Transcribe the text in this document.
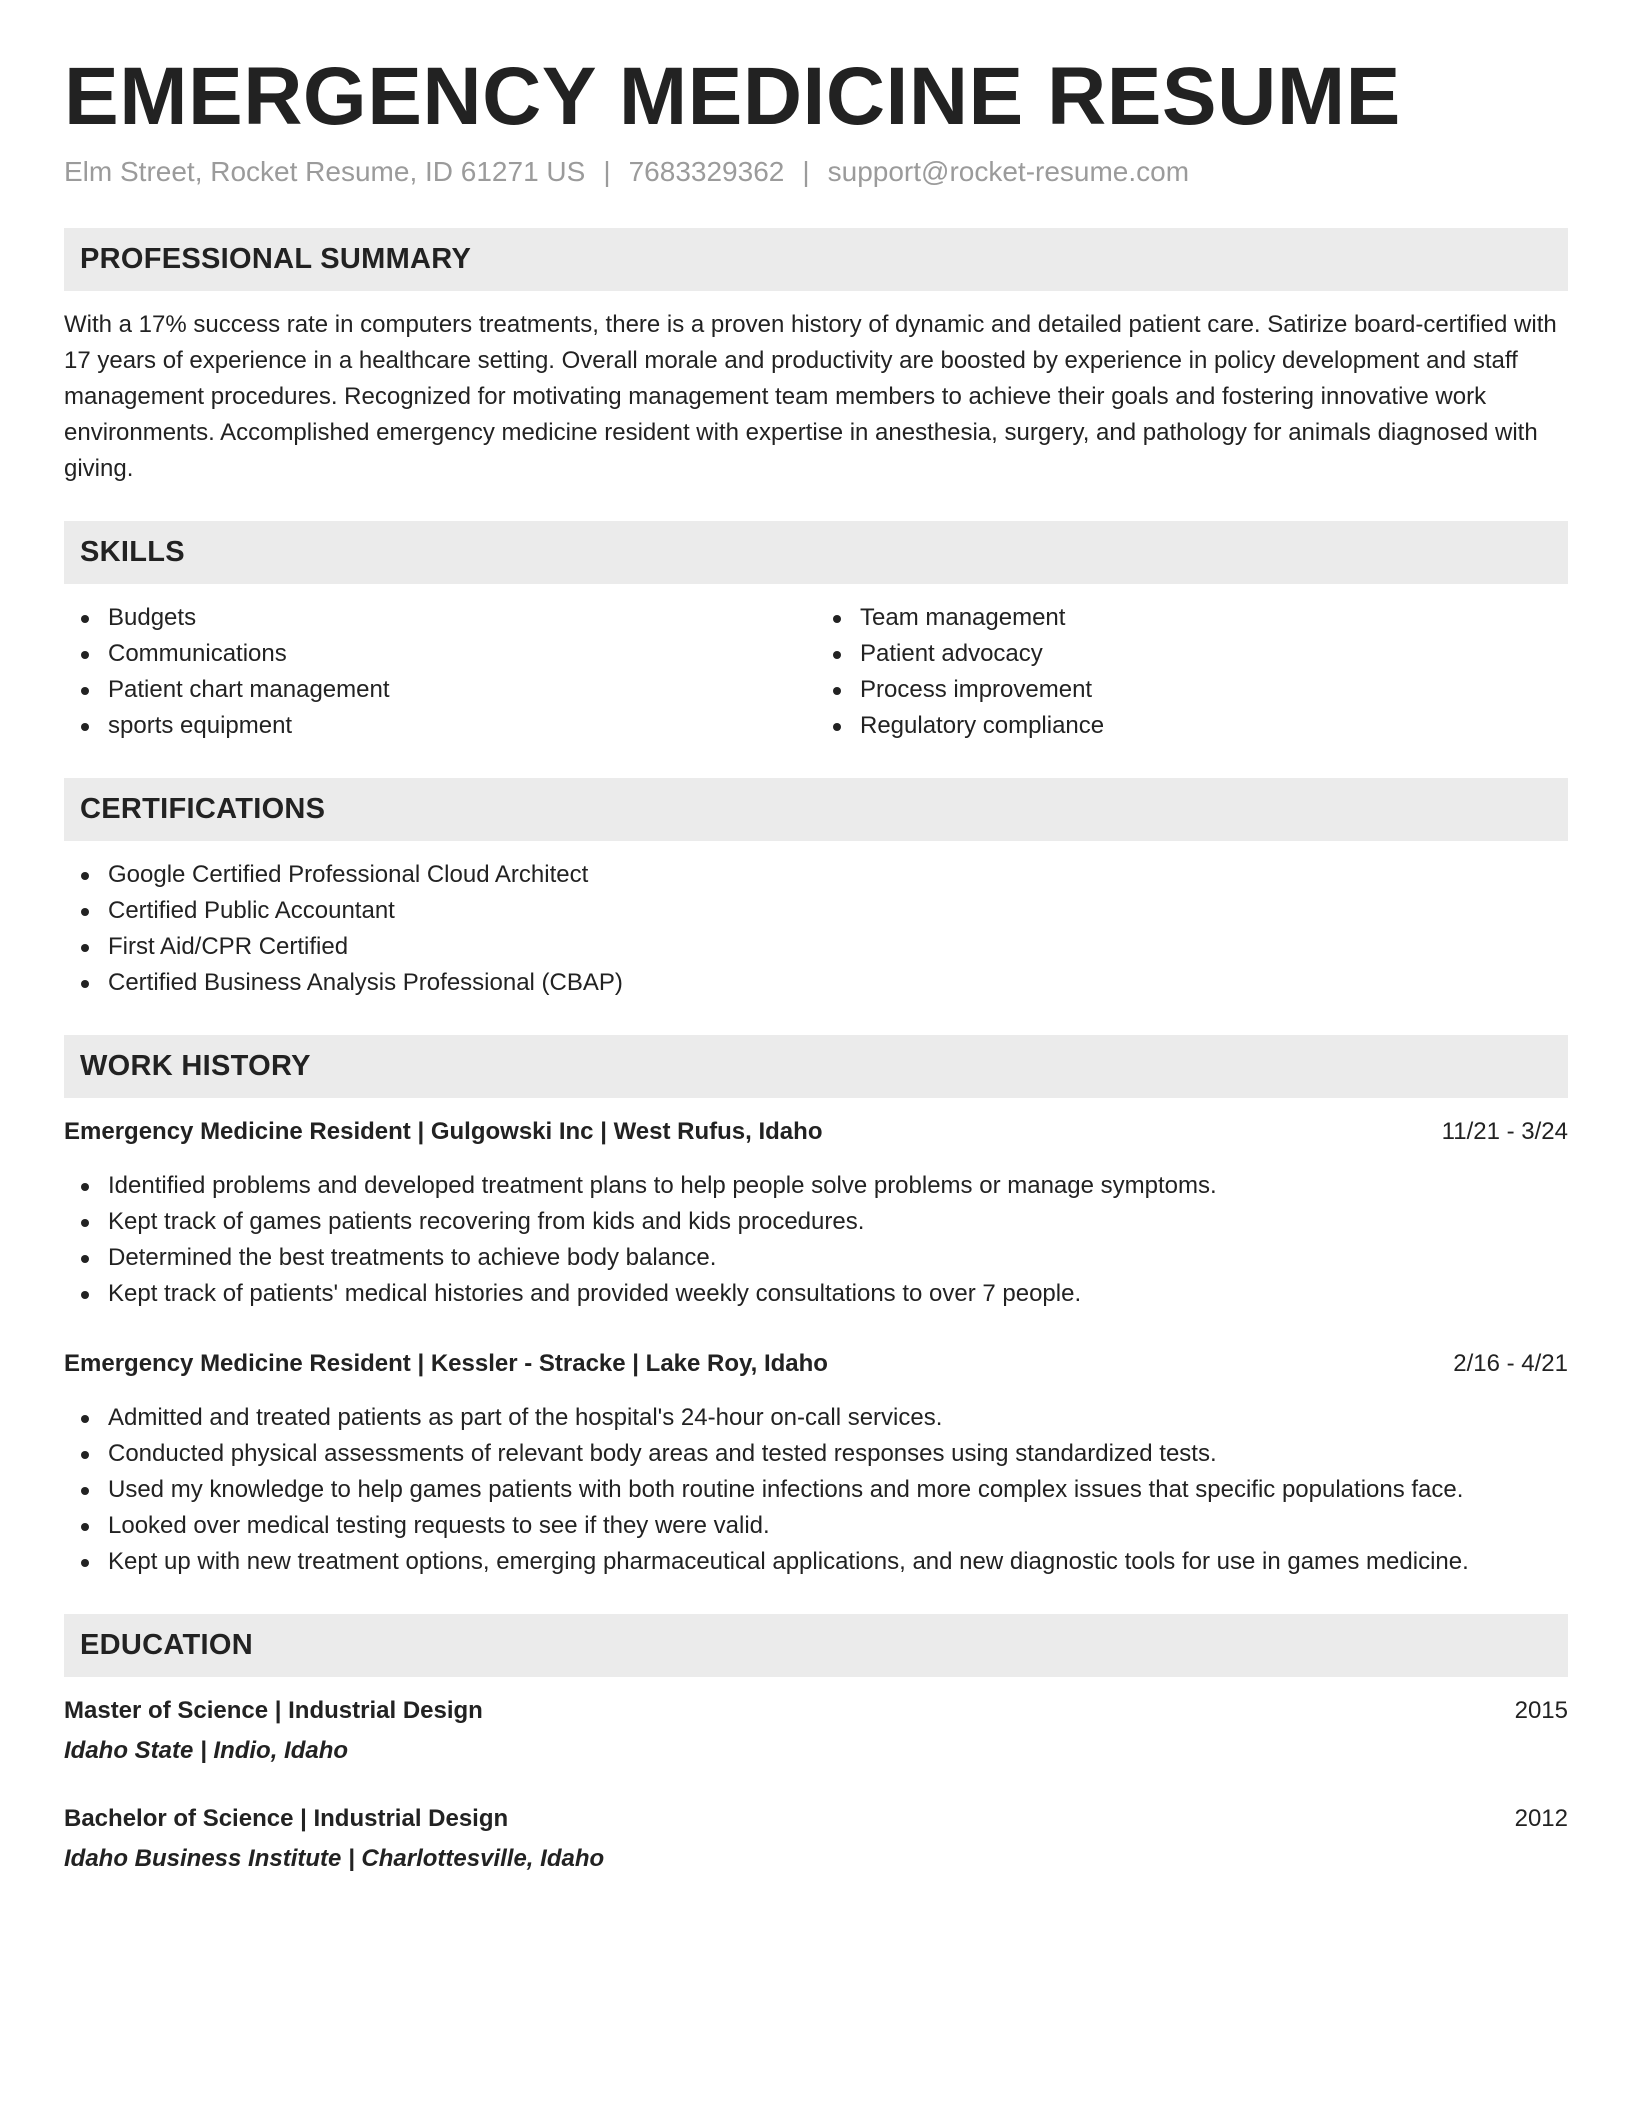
EMERGENCY MEDICINE RESUME
Elm Street, Rocket Resume, ID 61271 US | 7683329362 | support@rocket-resume.com
PROFESSIONAL SUMMARY

With a 17% success rate in computers treatments, there is a proven history of dynamic and detailed patient care. Satirize board-certified with 17 years of experience in a healthcare setting. Overall morale and productivity are boosted by experience in policy development and staff management procedures. Recognized for motivating management team members to achieve their goals and fostering innovative work environments. Accomplished emergency medicine resident with expertise in anesthesia, surgery, and pathology for animals diagnosed with giving.

SKILLS
Budgets
Communications
Patient chart management
sports equipment
Team management
Patient advocacy
Process improvement
Regulatory compliance
CERTIFICATIONS
Google Certified Professional Cloud Architect
Certified Public Accountant
First Aid/CPR Certified
Certified Business Analysis Professional (CBAP)
WORK HISTORY
Emergency Medicine Resident | Gulgowski Inc | West Rufus, Idaho	11/21 - 3/24
Identified problems and developed treatment plans to help people solve problems or manage symptoms.
Kept track of games patients recovering from kids and kids procedures.
Determined the best treatments to achieve body balance.
Kept track of patients' medical histories and provided weekly consultations to over 7 people.
Emergency Medicine Resident | Kessler - Stracke | Lake Roy, Idaho	2/16 - 4/21
Admitted and treated patients as part of the hospital's 24-hour on-call services.
Conducted physical assessments of relevant body areas and tested responses using standardized tests.
Used my knowledge to help games patients with both routine infections and more complex issues that specific populations face.
Looked over medical testing requests to see if they were valid.
Kept up with new treatment options, emerging pharmaceutical applications, and new diagnostic tools for use in games medicine.
EDUCATION
Master of Science | Industrial Design	2015
Idaho State | Indio, Idaho
Bachelor of Science | Industrial Design	2012
Idaho Business Institute | Charlottesville, Idaho
